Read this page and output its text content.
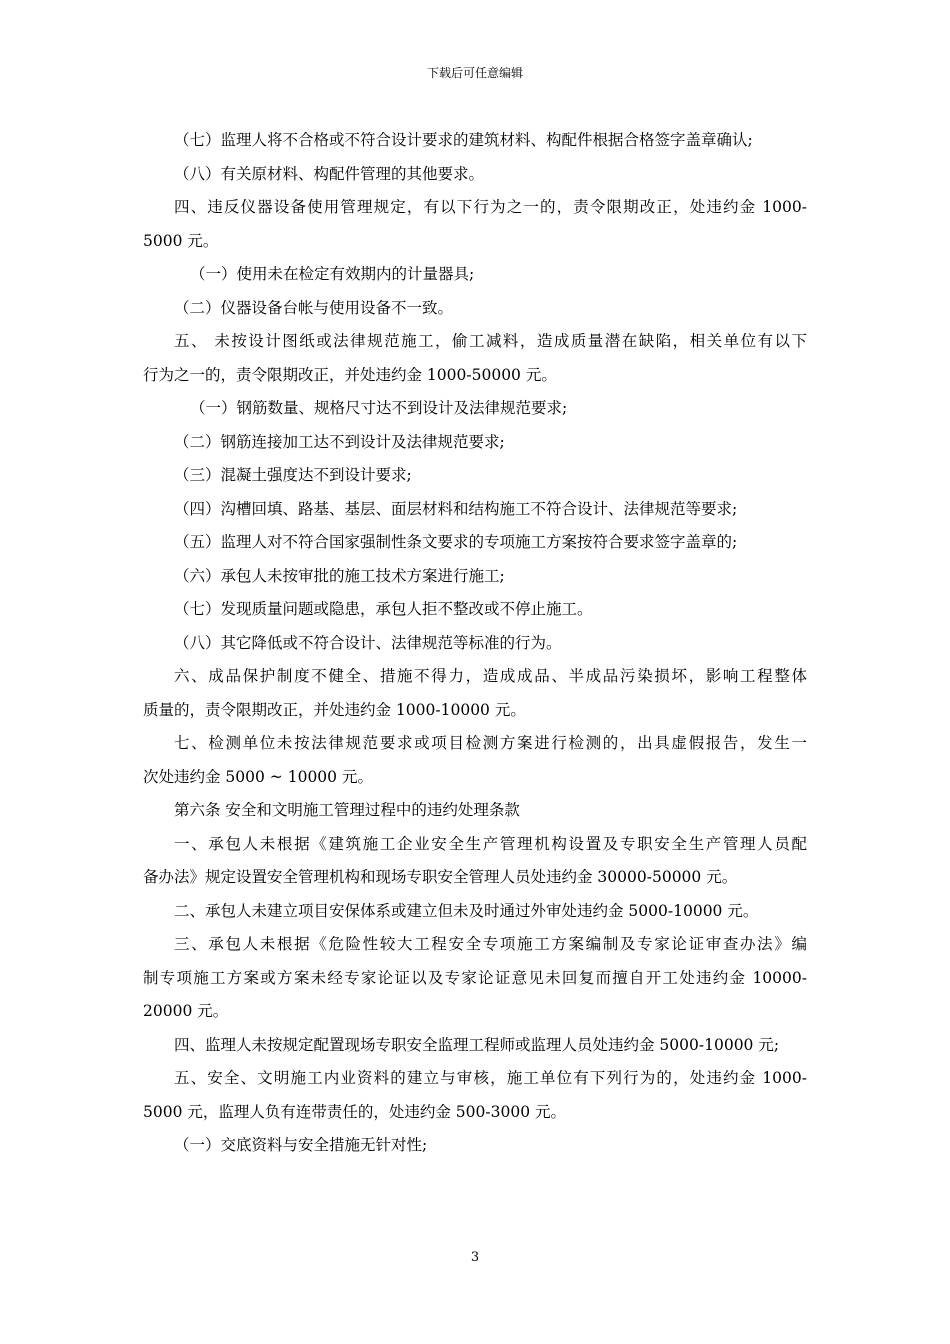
下载后可任意编辑
（七）监理人将不合格或不符合设计要求的建筑材料、构配件根据合格签字盖章确认;
（八）有关原材料、构配件管理的其他要求。
四、违反仪器设备使用管理规定，有以下行为之一的，责令限期改正，处违约金 1000-
5000 元。
（一）使用未在检定有效期内的计量器具;
（二）仪器设备台帐与使用设备不一致。
五、 未按设计图纸或法律规范施工，偷工减料，造成质量潜在缺陷，相关单位有以下
行为之一的，责令限期改正，并处违约金 1000-50000 元。
（一）钢筋数量、规格尺寸达不到设计及法律规范要求;
（二）钢筋连接加工达不到设计及法律规范要求;
（三）混凝土强度达不到设计要求;
（四）沟槽回填、路基、基层、面层材料和结构施工不符合设计、法律规范等要求;
（五）监理人对不符合国家强制性条文要求的专项施工方案按符合要求签字盖章的;
（六）承包人未按审批的施工技术方案进行施工;
（七）发现质量问题或隐患，承包人拒不整改或不停止施工。
（八）其它降低或不符合设计、法律规范等标准的行为。
六、成品保护制度不健全、措施不得力，造成成品、半成品污染损坏，影响工程整体
质量的，责令限期改正，并处违约金 1000-10000 元。
七、检测单位未按法律规范要求或项目检测方案进行检测的，出具虚假报告，发生一
次处违约金 5000 ~ 10000 元。
第六条 安全和文明施工管理过程中的违约处理条款
一、承包人未根据《建筑施工企业安全生产管理机构设置及专职安全生产管理人员配
备办法》规定设置安全管理机构和现场专职安全管理人员处违约金 30000-50000 元。
二、承包人未建立项目安保体系或建立但未及时通过外审处违约金 5000-10000 元。
三、承包人未根据《危险性较大工程安全专项施工方案编制及专家论证审查办法》编
制专项施工方案或方案未经专家论证以及专家论证意见未回复而擅自开工处违约金 10000-
20000 元。
四、监理人未按规定配置现场专职安全监理工程师或监理人员处违约金 5000-10000 元;
五、安全、文明施工内业资料的建立与审核，施工单位有下列行为的，处违约金 1000-
5000 元，监理人负有连带责任的，处违约金 500-3000 元。
（一）交底资料与安全措施无针对性;
3
